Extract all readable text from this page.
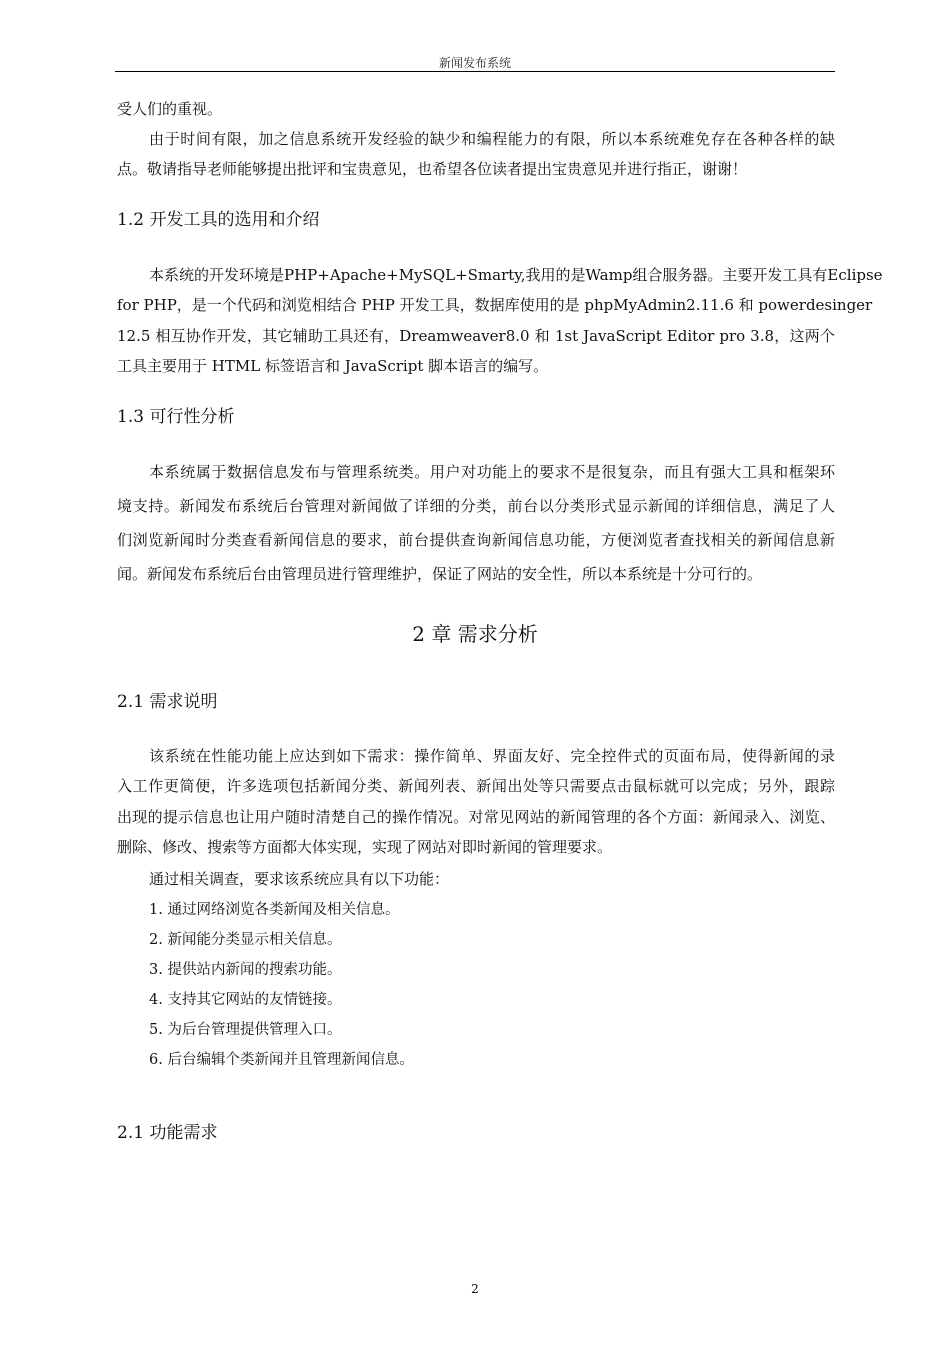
新闻发布系统
受人们的重视。
由于时间有限，加之信息系统开发经验的缺少和编程能力的有限，所以本系统难免存在各种各样的缺
点。敬请指导老师能够提出批评和宝贵意见，也希望各位读者提出宝贵意见并进行指正，谢谢！
1.2 开发工具的选用和介绍
本系统的开发环境是PHP+Apache+MySQL+Smarty,我用的是Wamp组合服务器。主要开发工具有Eclipse
for PHP，是一个代码和浏览相结合 PHP 开发工具，数据库使用的是 phpMyAdmin2.11.6 和 powerdesinger
12.5 相互协作开发，其它辅助工具还有，Dreamweaver8.0 和 1st JavaScript Editor pro 3.8，这两个
工具主要用于 HTML 标签语言和 JavaScript 脚本语言的编写。
1.3 可行性分析
本系统属于数据信息发布与管理系统类。用户对功能上的要求不是很复杂，而且有强大工具和框架环
境支持。新闻发布系统后台管理对新闻做了详细的分类，前台以分类形式显示新闻的详细信息，满足了人
们浏览新闻时分类查看新闻信息的要求，前台提供查询新闻信息功能，方便浏览者查找相关的新闻信息新
闻。新闻发布系统后台由管理员进行管理维护，保证了网站的安全性，所以本系统是十分可行的。
2 章 需求分析
2.1 需求说明
该系统在性能功能上应达到如下需求：操作简单、界面友好、完全控件式的页面布局，使得新闻的录
入工作更简便，许多选项包括新闻分类、新闻列表、新闻出处等只需要点击鼠标就可以完成；另外，跟踪
出现的提示信息也让用户随时清楚自己的操作情况。对常见网站的新闻管理的各个方面：新闻录入、浏览、
删除、修改、搜索等方面都大体实现，实现了网站对即时新闻的管理要求。
通过相关调查，要求该系统应具有以下功能：
1. 通过网络浏览各类新闻及相关信息。
2. 新闻能分类显示相关信息。
3. 提供站内新闻的搜索功能。
4. 支持其它网站的友情链接。
5. 为后台管理提供管理入口。
6. 后台编辑个类新闻并且管理新闻信息。
2.1 功能需求
2
